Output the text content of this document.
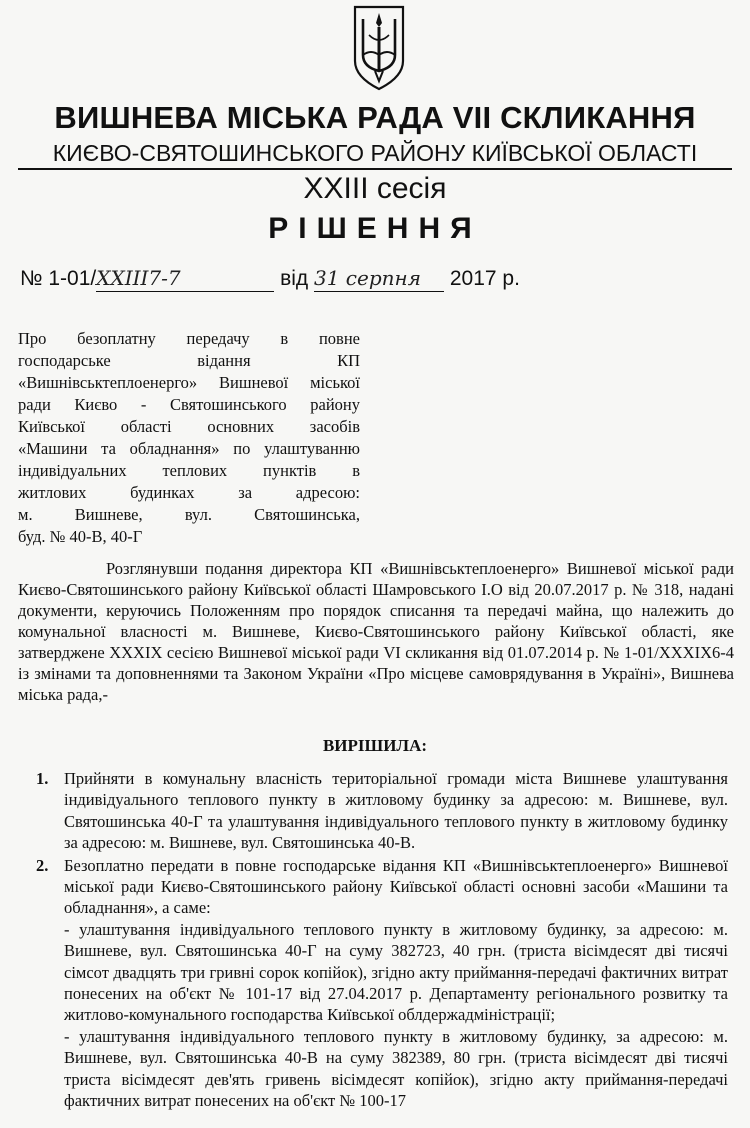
ВИШНЕВА МІСЬКА РАДА VII СКЛИКАННЯ
КИЄВО-СВЯТОШИНСЬКОГО РАЙОНУ КИЇВСЬКОЇ ОБЛАСТІ
XXIII сесія
РІШЕННЯ
№ 1-01/XXIII7-7	від 31 серпня 2017 р.
Про безоплатну передачу в повне
господарське відання КП
«Вишнівськтеплоенерго» Вишневої міської
ради Києво - Святошинського району
Київської області основних засобів
«Машини та обладнання» по улаштуванню
індивідуальних теплових пунктів в
житлових будинках за адресою:
м. Вишневе, вул. Святошинська,
буд. № 40-В, 40-Г
Розглянувши подання директора КП «Вишнівськтеплоенерго» Вишневої міської ради Києво-Святошинського району Київської області Шамровського І.О від 20.07.2017 р. № 318, надані документи, керуючись Положенням про порядок списання та передачі майна, що належить до комунальної власності м. Вишневе, Києво-Святошинського району Київської області, яке затверджене XXXIX сесією Вишневої міської ради VI скликання від 01.07.2014 р. № 1-01/XXXIX6-4 із змінами та доповненнями та Законом України «Про місцеве самоврядування в Україні», Вишнева міська рада,-
ВИРІШИЛА:
1. Прийняти в комунальну власність територіальної громади міста Вишневе улаштування індивідуального теплового пункту в житловому будинку за адресою: м. Вишневе, вул. Святошинська 40-Г та улаштування індивідуального теплового пункту в житловому будинку за адресою: м. Вишневе, вул. Святошинська 40-В.
2. Безоплатно передати в повне господарське відання КП «Вишнівськтеплоенерго» Вишневої міської ради Києво-Святошинського району Київської області основні засоби «Машини та обладнання», а саме:
- улаштування індивідуального теплового пункту в житловому будинку, за адресою: м. Вишневе, вул. Святошинська 40-Г на суму 382723, 40 грн. (триста вісімдесят дві тисячі сімсот двадцять три гривні сорок копійок), згідно акту приймання-передачі фактичних витрат понесених на об'єкт № 101-17 від 27.04.2017 р. Департаменту регіонального розвитку та житлово-комунального господарства Київської облдержадміністрації;
- улаштування індивідуального теплового пункту в житловому будинку, за адресою: м. Вишневе, вул. Святошинська 40-В на суму 382389, 80 грн. (триста вісімдесят дві тисячі триста вісімдесят дев'ять гривень вісімдесят копійок), згідно акту приймання-передачі фактичних витрат понесених на об'єкт № 100-17
